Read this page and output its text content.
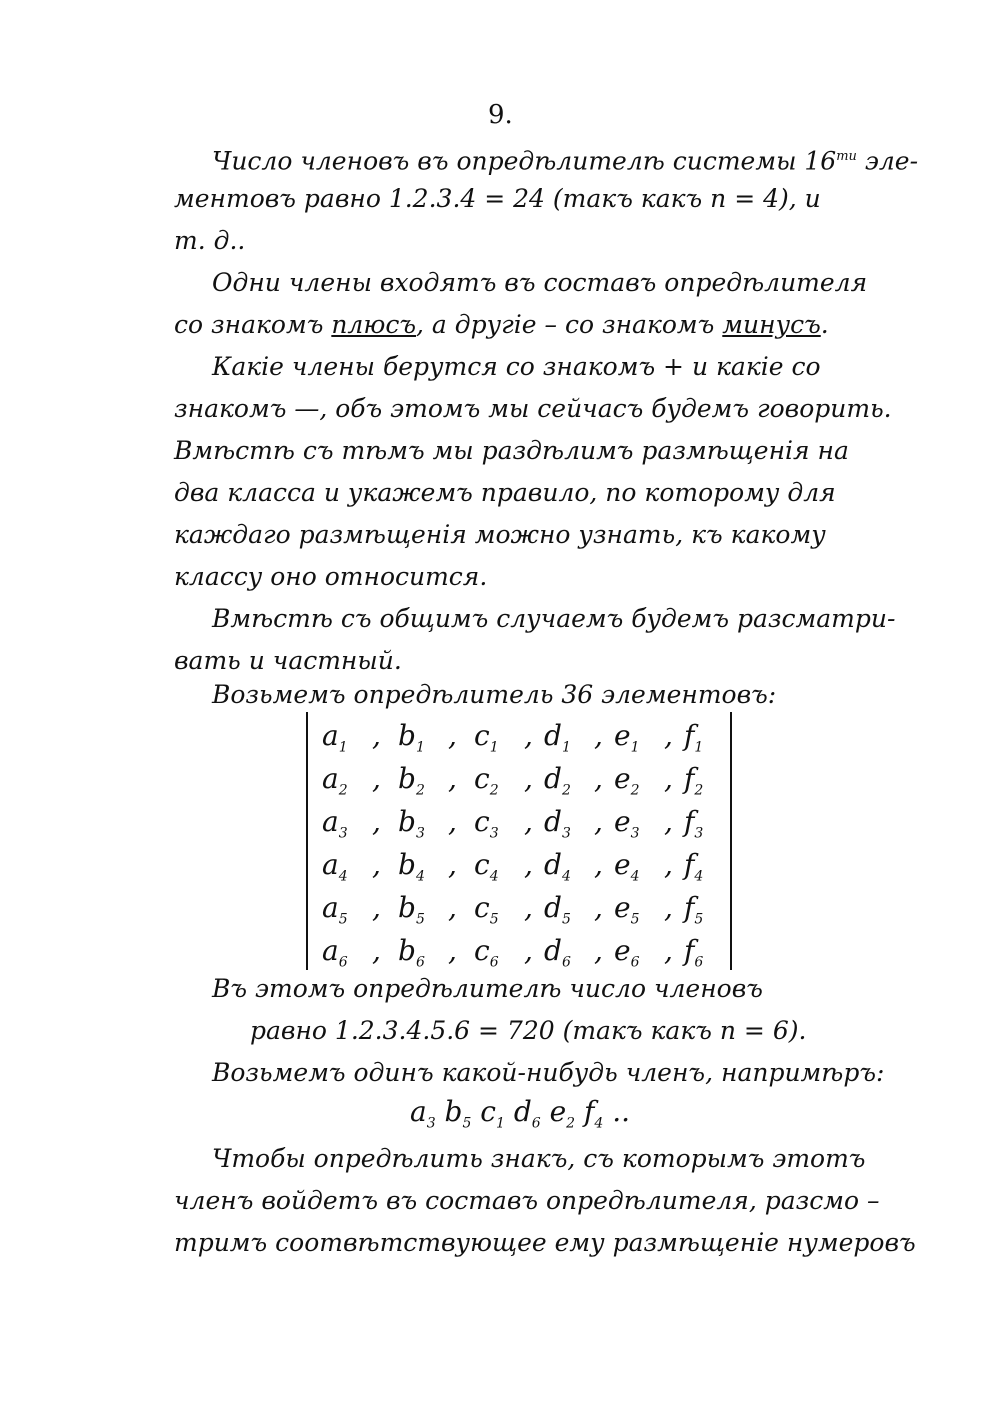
9.
Число членовъ въ опредѣлителѣ системы $16^{ти}$ эле-
ментовъ равно 1.2.3.4 = 24 (такъ какъ n = 4), и
т. д..
Одни члены входятъ въ составъ опредѣлителя
со знакомъ плюсъ, а другіе – со знакомъ минусъ.
Какіе члены берутся со знакомъ + и какіе со
знакомъ —, объ этомъ мы сейчасъ будемъ говорить.
Вмѣстѣ съ тѣмъ мы раздѣлимъ размѣщенія на
два класса и укажемъ правило, по которому для
каждаго размѣщенія можно узнать, къ какому
классу оно относится.
Вмѣстѣ съ общимъ случаемъ будемъ разсматри-
вать и частный.
Возьмемъ опредѣлитель 36 элементовъ:
$a_1$ , $b_1$ , $c_1$ , $d_1$ , $e_1$ , $f_1$
$a_2$ , $b_2$ , $c_2$ , $d_2$ , $e_2$ , $f_2$
$a_3$ , $b_3$ , $c_3$ , $d_3$ , $e_3$ , $f_3$
$a_4$ , $b_4$ , $c_4$ , $d_4$ , $e_4$ , $f_4$
$a_5$ , $b_5$ , $c_5$ , $d_5$ , $e_5$ , $f_5$
$a_6$ , $b_6$ , $c_6$ , $d_6$ , $e_6$ , $f_6$
Въ этомъ опредѣлителѣ число членовъ
равно 1.2.3.4.5.6 = 720 (такъ какъ n = 6).
Возьмемъ одинъ какой-нибудь членъ, напримѣръ:
$a_3$ $b_5$ $c_1$ $d_6$ $e_2$ $f_4$ ..
Чтобы опредѣлить знакъ, съ которымъ этотъ
членъ войдетъ въ составъ опредѣлителя, разсмо –
тримъ соотвѣтствующее ему размѣщеніе нумеровъ
